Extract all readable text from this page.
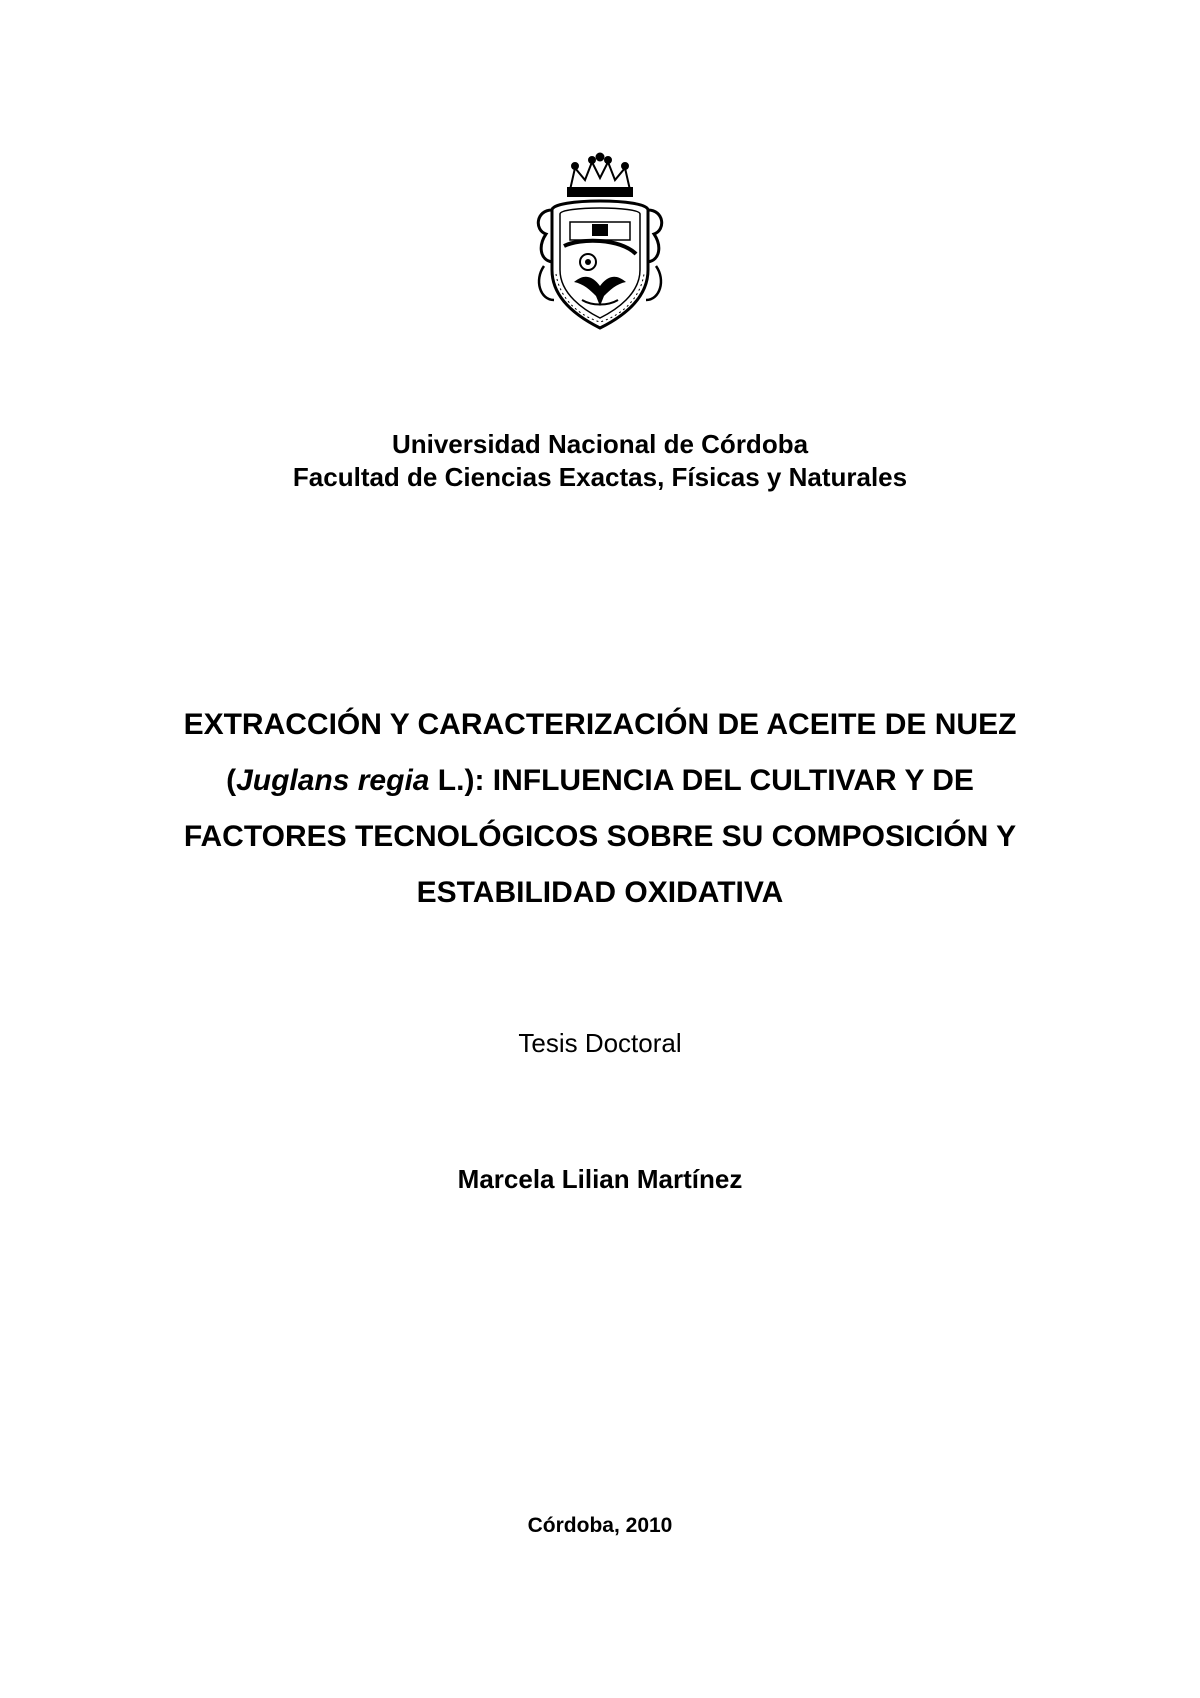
Universidad Nacional de Córdoba
Facultad de Ciencias Exactas, Físicas y Naturales
EXTRACCIÓN Y CARACTERIZACIÓN DE ACEITE DE NUEZ
(Juglans regia L.): INFLUENCIA DEL CULTIVAR Y DE
FACTORES TECNOLÓGICOS SOBRE SU COMPOSICIÓN Y
ESTABILIDAD OXIDATIVA
Tesis Doctoral
Marcela Lilian Martínez
Córdoba, 2010
